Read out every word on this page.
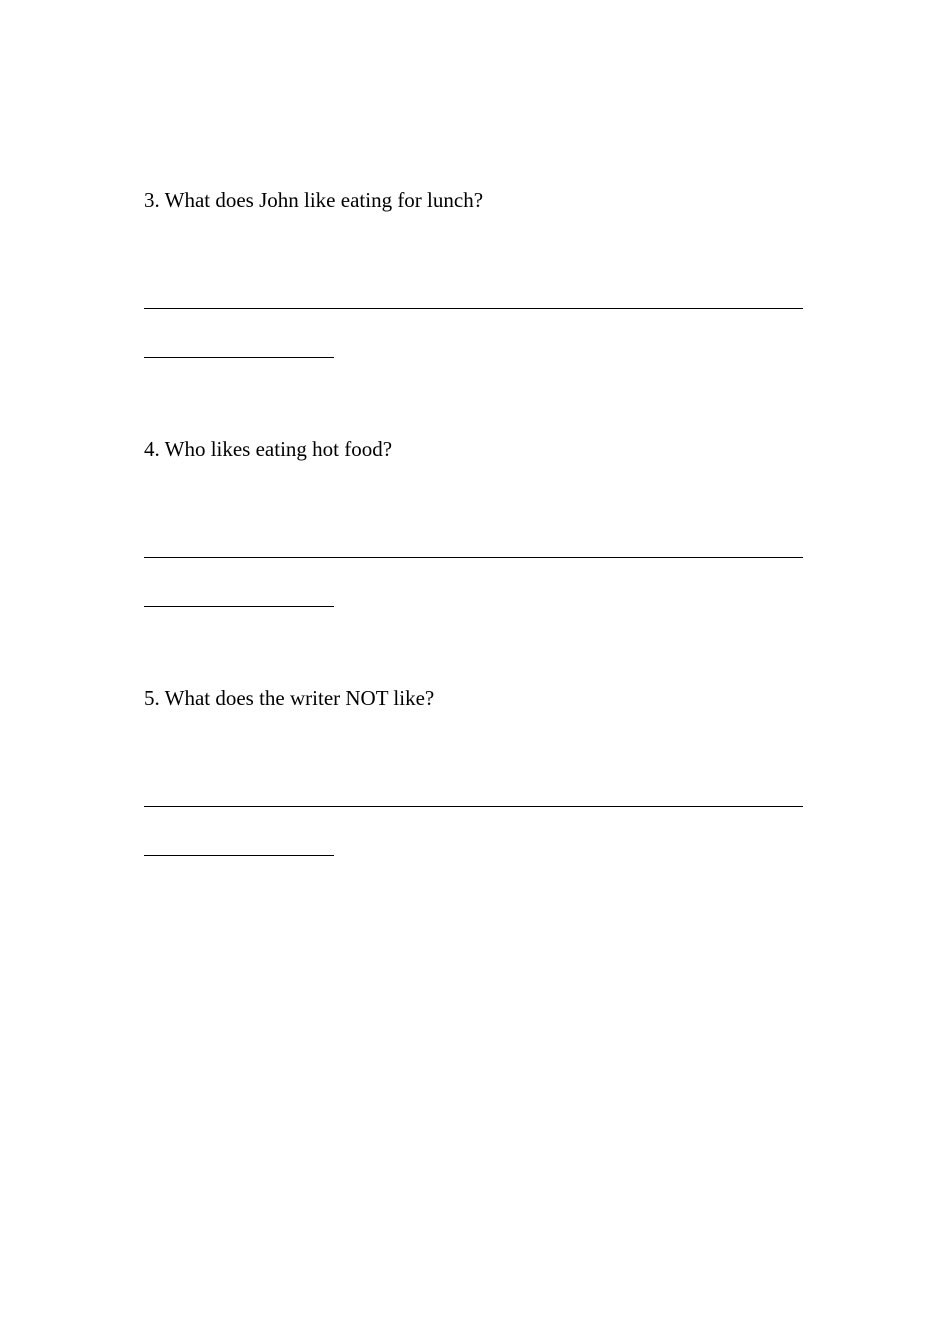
3. What does John like eating for lunch?
4. Who likes eating hot food?
5. What does the writer NOT like?
